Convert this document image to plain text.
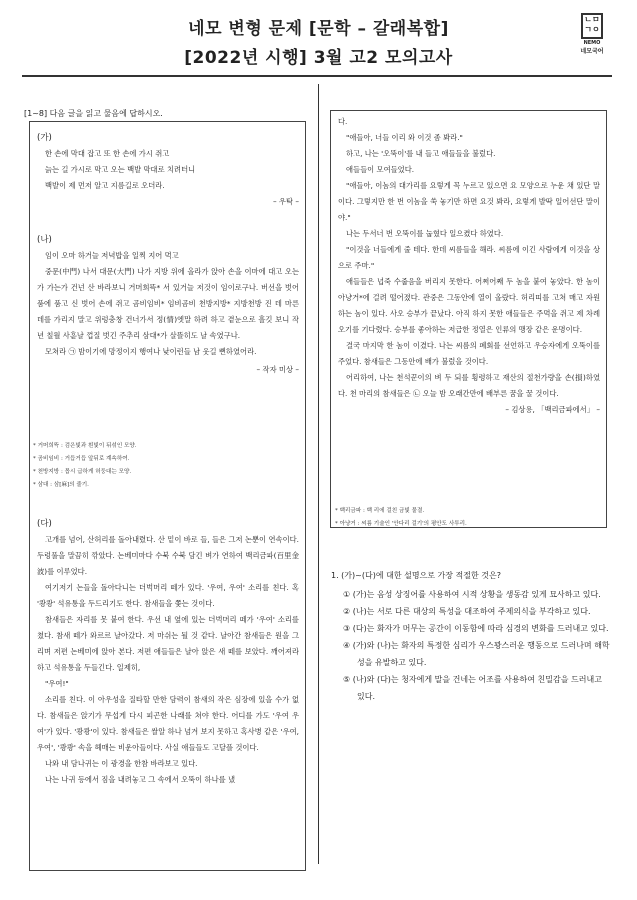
네모 변형 문제 [문학 – 갈래복합]
[2022년 시행] 3월 고2 모의고사
ㄴㅁ
ㄱㅇ
NEMO
네모국어
[1~8] 다음 글을 읽고 물음에 답하시오.

(가)

한 손에 막대 잡고 또 한 손에 가시 쥐고

늙는 길 가시로 막고 오는 백발 막대로 치려터니

백발이 제 먼저 알고 지름길로 오더라.

– 우탁 –

(나)

임이 오마 하거늘 저녁밥을 일찍 지어 먹고

중문(中門) 나서 대문(大門) 나가 지방 위에 올라가 앉아 손을 이마에 대고 오는가 가는가 건넌 산 바라보니 거머희뜩* 서 있거늘 저것이 임이로구나. 버선을 벗어 품에 품고 신 벗어 손에 쥐고 곰비임비* 임비곰비 천방지방* 지방천방 진 데 마른 데를 가리지 말고 위렁충창 건너가서 정(情)엣말 하려 하고 곁눈으로 흘깃 보니 작년 칠월 사흗날 껍질 벗긴 주추리 삼대*가 살뜰히도 날 속였구나.

모쳐라 ㉠ 밤이기에 망정이지 행여나 낮이런들 남 웃길 뻔하였어라.

– 작자 미상 –

* 거머희뜩 : 검은빛과 흰빛이 뒤섞인 모양.

* 곰비임비 : 거듭거듭 앞뒤로 계속하여.

* 천방지방 : 몹시 급하게 허둥대는 모양.

* 삼대 : 삼[麻]의 줄기.

(다)

고개를 넘어, 산허리를 돌아내렸다. 산 밑이 바로 들, 들은 그저 논뿐이 연속이다. 두렁풀을 말끔히 깎았다. 논베미마다 수북 수북 담긴 벼가 연하여 백리금파(百里金波)를 이루었다.

여기저기 논들을 돌아다니는 더벅머리 떼가 있다. '우여, 우여' 소리를 친다. 혹 '쾅쾅' 석유통을 두드리기도 한다. 참새들을 쫓는 것이다.

참새들은 자리를 못 붙여 한다. 우선 내 옆에 있는 더벅머리 떼가 '우여' 소리를 쳤다. 참새 떼가 와르르 날아갔다. 저 마쉬는 될 것 같다. 날아간 참새들은 원을 그리며 저편 논베미에 앉아 본다. 저편 애들들은 날아 앉은 새 떼를 보았다. 깨어져라 하고 석유통을 두들긴다. 일제히,

"우여!"

소리를 친다. 이 아우성을 질타할 만한 담력이 참새의 작은 심장에 있을 수가 없다. 참새들은 앉기가 무섭게 다시 피곤한 나래를 쳐야 한다. 어디를 가도 '우여 우여'가 있다. '쾅쾅'이 있다. 참새들은 쌀알 하나 넘겨 보지 못하고 혹사병 같은 '우여, 우여', '쾅쾅' 속을 헤매는 비운아들이다. 사실 애들들도 고달플 것이다.

나와 내 담나귀는 이 광경을 한참 바라보고 있다.

나는 나귀 등에서 짐을 내려놓고 그 속에서 오뚝이 하나를 냈

다.

"애들아, 너들 이리 와 이것 좀 봐라."

하고, 나는 '오뚝이'를 내 들고 애들들을 불렀다.

애들들이 모여들었다.

"애들아, 이놈의 대가리를 요렇게 꼭 누르고 있으면 요 모양으로 누운 채 있단 말이다. 그렇지만 한 번 이놈을 쑥 놓기만 하면 요것 봐라, 요렇게 발딱 일어선단 말이야."

나는 두서너 번 오뚝이를 눕혔다 일으켰다 하였다.

"이것을 너들에게 줄 테다. 한데 씨름들을 해라. 씨름에 이긴 사람에게 이것을 상으로 주마."

애들들은 넙죽 수줍음을 버리지 못한다. 어쩌어째 두 놈을 붙여 놓았다. 한 놈이 아냥거*에 걸려 떨어졌다. 관중은 그동안에 열이 올랐다. 허리띠를 고쳐 매고 자원하는 놈이 있다. 사오 승부가 끝났다. 아직 하지 못한 애들들은 주먹을 쥐고 제 차례 오기를 기다렸다. 승부를 좋아하는 저급한 정열은 인류의 맹장 같은 운명이다.

결국 마지막 한 놈이 이겼다. 나는 씨름의 폐회를 선언하고 우승자에게 오뚝이를 주었다. 참새들은 그동안에 배가 불렀을 것이다.

어리하여, 나는 천석꾼이의 벼 두 되를 횡령하고 재산의 절천가량을 손(損)하였다. 천 마리의 참새들은 ㉡ 오늘 밤 오래간만에 배부른 꿈을 꿀 것이다.

– 김상용, 「백리금파에서」 –

* 백리금파 : 백 리에 걸친 금빛 물결.

* 아냥거 : 씨름 기술인 '안다리 걸기'의 평안도 사투리.

1. (가)~(다)에 대한 설명으로 가장 적절한 것은?

① (가)는 음성 상징어를 사용하여 시적 상황을 생동감 있게 묘사하고 있다.

② (나)는 서로 다른 대상의 특성을 대조하여 주제의식을 부각하고 있다.

③ (다)는 화자가 머무는 공간이 이동함에 따라 심경의 변화를 드러내고 있다.

④ (가)와 (나)는 화자의 특정한 심리가 우스꽝스러운 행동으로 드러나며 해학성을 유발하고 있다.

⑤ (나)와 (다)는 청자에게 말을 건네는 어조를 사용하여 친밀감을 드러내고 있다.
